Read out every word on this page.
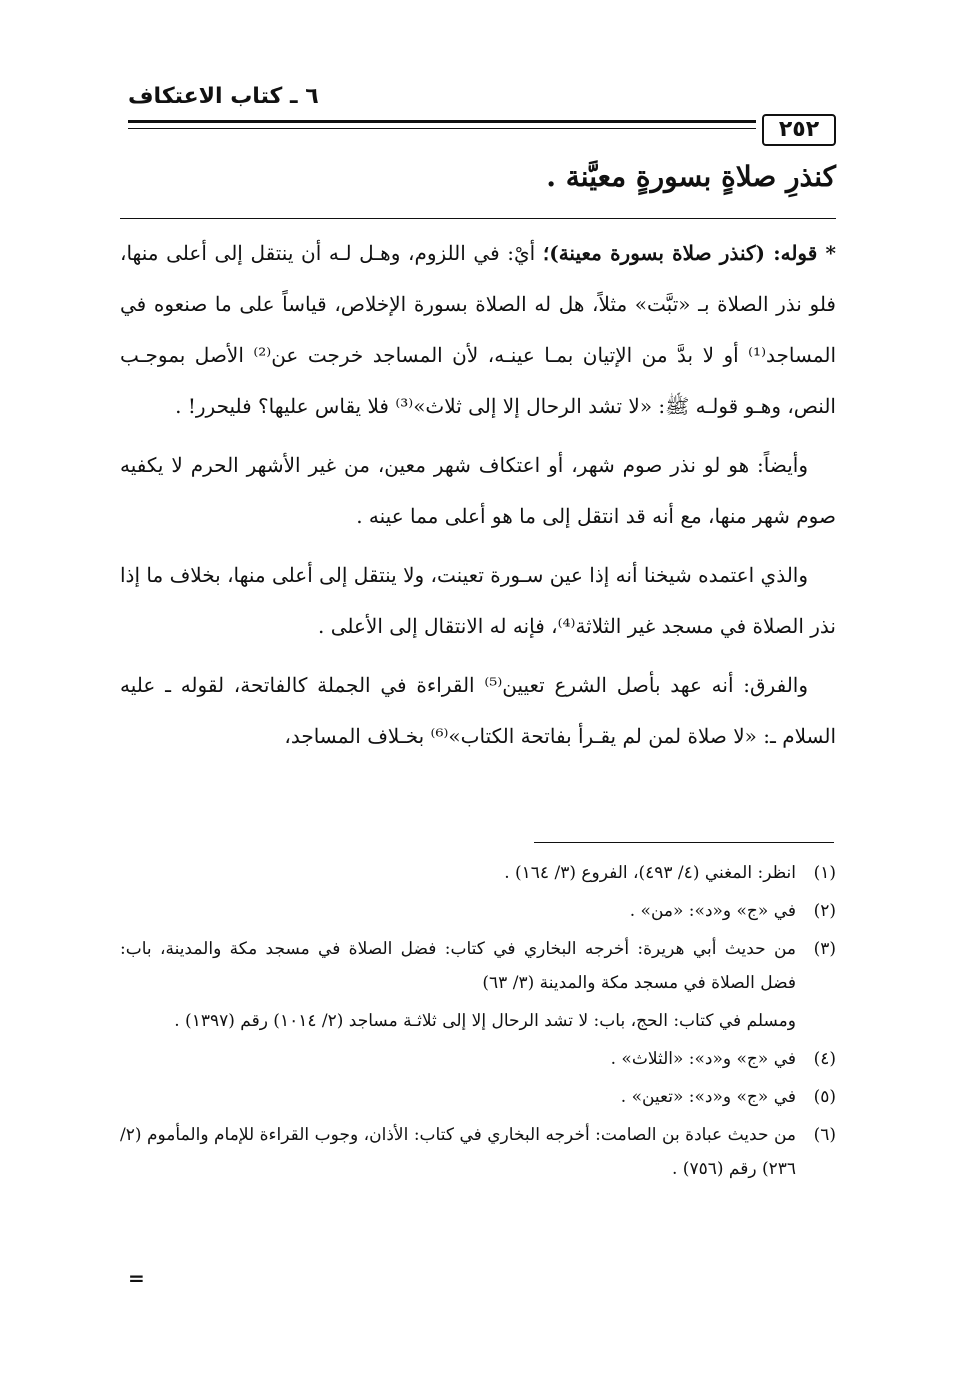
٦ ـ كتاب الاعتكاف
٢٥٢
كنذرِ صلاةٍ بسورةٍ معيَّنة .

* قوله: (كنذر صلاة بسورة معينة)؛ أيْ: في اللزوم، وهـل لـه أن ينتقل إلى أعلى منها، فلو نذر الصلاة بـ «تبَّت» مثلاً، هل له الصلاة بسورة الإخلاص، قياساً على ما صنعوه في المساجد⁽¹⁾ أو لا بدَّ من الإتيان بمـا عينـه، لأن المساجد خرجت عن⁽²⁾ الأصل بموجـب النص، وهـو قولـه ﷺ: «لا تشد الرحال إلا إلى ثلاث»⁽³⁾ فلا يقاس عليها؟ فليحرر! .

وأيضاً: هو لو نذر صوم شهر، أو اعتكاف شهر معين، من غير الأشهر الحرم لا يكفيه صوم شهر منها، مع أنه قد انتقل إلى ما هو أعلى مما عينه .

والذي اعتمده شيخنا أنه إذا عين سـورة تعينت، ولا ينتقل إلى أعلى منها، بخلاف ما إذا نذر الصلاة في مسجد غير الثلاثة⁽⁴⁾، فإنه له الانتقال إلى الأعلى .

والفرق: أنه عهد بأصل الشرع تعيين⁽⁵⁾ القراءة في الجملة كالفاتحة، لقوله ـ عليه السلام ـ: «لا صلاة لمن لم يقـرأ بفاتحة الكتاب»⁽⁶⁾ بخـلاف المساجد،

(١)
انظر: المغني (٤/ ٤٩٣)، الفروع (٣/ ١٦٤) .
(٢)
في «ج» و«د»: «من» .
(٣)
من حديث أبي هريرة: أخرجه البخاري في كتاب: فضل الصلاة في مسجد مكة والمدينة، باب: فضل الصلاة في مسجد مكة والمدينة (٣/ ٦٣)
ومسلم في كتاب: الحج، باب: لا تشد الرحال إلا إلى ثلاثـة مساجد (٢/ ١٠١٤) رقم (١٣٩٧) .
(٤)
في «ج» و«د»: «الثلاث» .
(٥)
في «ج» و«د»: «تعين» .
(٦)
من حديث عبادة بن الصامت: أخرجه البخاري في كتاب: الأذان، وجوب القراءة للإمام والمأموم (٢/ ٢٣٦) رقم (٧٥٦) .
=
